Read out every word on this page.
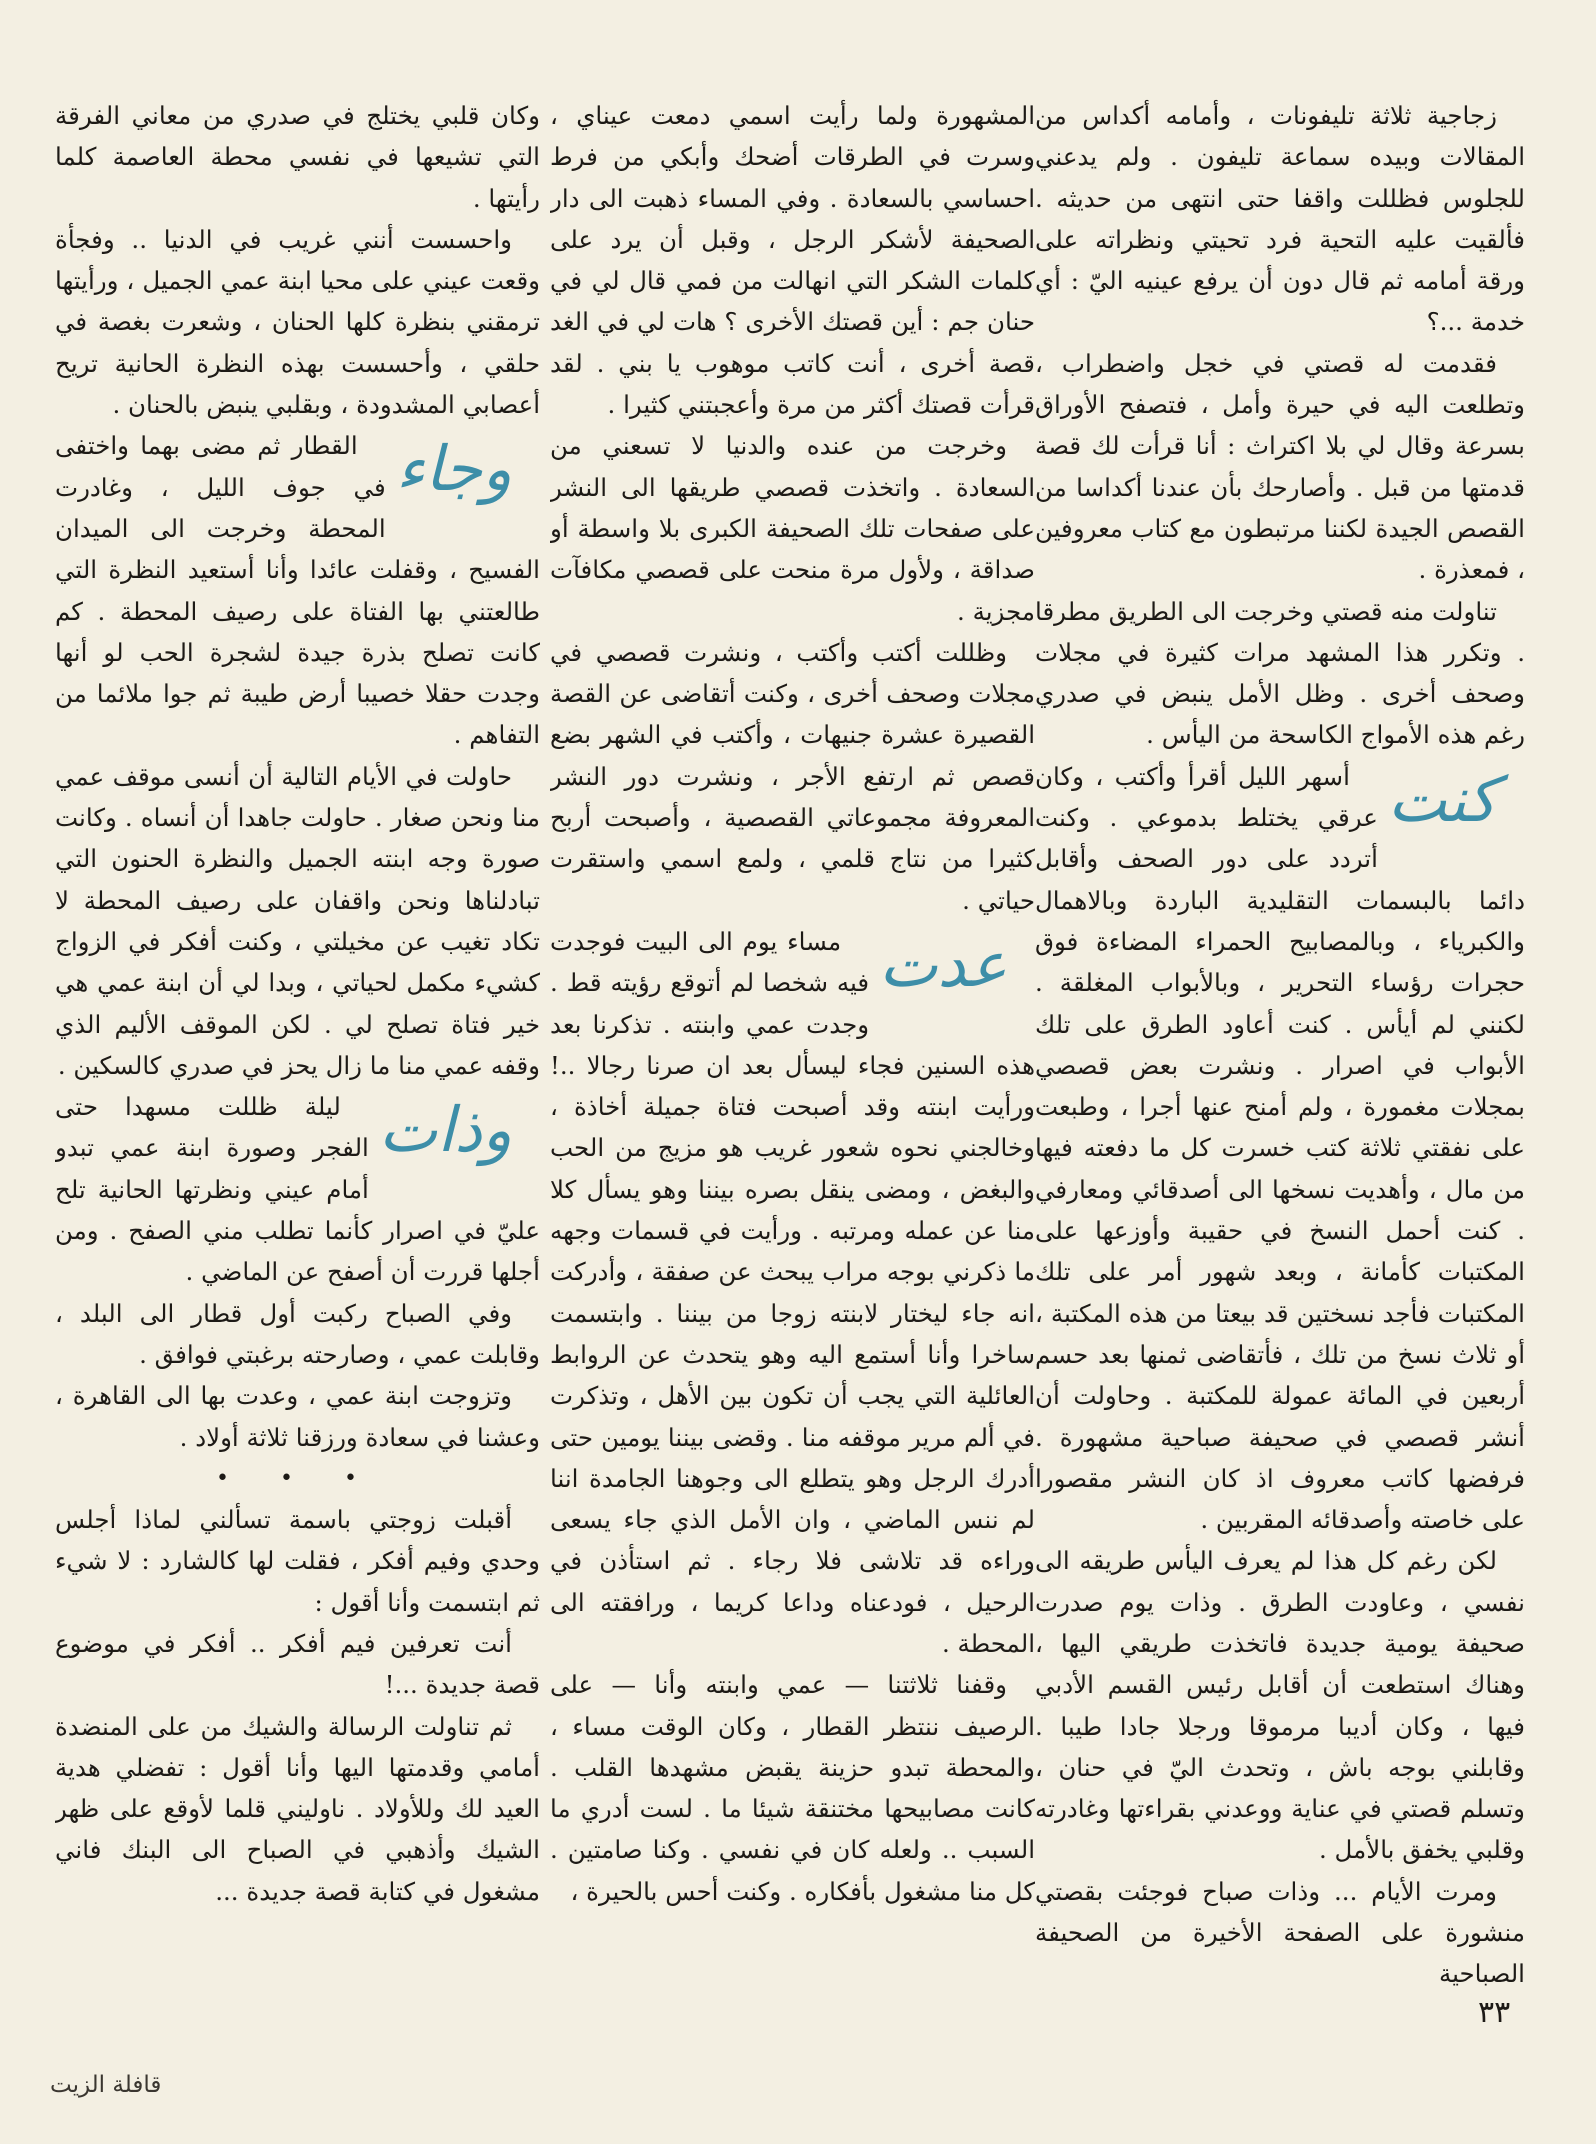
زجاجية ثلاثة تليفونات ، وأمامه أكداس من المقالات وبيده سماعة تليفون . ولم يدعني للجلوس فظللت واقفا حتى انتهى من حديثه . فألقيت عليه التحية فرد تحيتي ونظراته على ورقة أمامه ثم قال دون أن يرفع عينيه اليّ : أي خدمة ...؟

فقدمت له قصتي في خجل واضطراب ، وتطلعت اليه في حيرة وأمل ، فتصفح الأوراق بسرعة وقال لي بلا اكتراث : أنا قرأت لك قصة قدمتها من قبل . وأصارحك بأن عندنا أكداسا من القصص الجيدة لكننا مرتبطون مع كتاب معروفين ، فمعذرة .

تناولت منه قصتي وخرجت الى الطريق مطرقا . وتكرر هذا المشهد مرات كثيرة في مجلات وصحف أخرى . وظل الأمل ينبض في صدري رغم هذه الأمواج الكاسحة من اليأس .

كنت
أسهر الليل أقرأ وأكتب ، وكان عرقي يختلط بدموعي . وكنت أتردد على دور الصحف وأقابل دائما بالبسمات التقليدية الباردة وبالاهمال والكبرياء ، وبالمصابيح الحمراء المضاءة فوق حجرات رؤساء التحرير ، وبالأبواب المغلقة . لكنني لم أيأس . كنت أعاود الطرق على تلك الأبواب في اصرار . ونشرت بعض قصصي بمجلات مغمورة ، ولم أمنح عنها أجرا ، وطبعت على نفقتي ثلاثة كتب خسرت كل ما دفعته فيها من مال ، وأهديت نسخها الى أصدقائي ومعارفي . كنت أحمل النسخ في حقيبة وأوزعها على المكتبات كأمانة ، وبعد شهور أمر على تلك المكتبات فأجد نسختين قد بيعتا من هذه المكتبة ، أو ثلاث نسخ من تلك ، فأتقاضى ثمنها بعد حسم أربعين في المائة عمولة للمكتبة . وحاولت أن أنشر قصصي في صحيفة صباحية مشهورة . فرفضها كاتب معروف اذ كان النشر مقصورا على خاصته وأصدقائه المقربين .

لكن رغم كل هذا لم يعرف اليأس طريقه الى نفسي ، وعاودت الطرق . وذات يوم صدرت صحيفة يومية جديدة فاتخذت طريقي اليها ، وهناك استطعت أن أقابل رئيس القسم الأدبي فيها ، وكان أديبا مرموقا ورجلا جادا طيبا . وقابلني بوجه باش ، وتحدث اليّ في حنان ، وتسلم قصتي في عناية ووعدني بقراءتها وغادرته وقلبي يخفق بالأمل .

ومرت الأيام ... وذات صباح فوجئت بقصتي منشورة على الصفحة الأخيرة من الصحيفة الصباحية

المشهورة ولما رأيت اسمي دمعت عيناي ، وسرت في الطرقات أضحك وأبكي من فرط احساسي بالسعادة . وفي المساء ذهبت الى دار الصحيفة لأشكر الرجل ، وقبل أن يرد على كلمات الشكر التي انهالت من فمي قال لي في حنان جم : أين قصتك الأخرى ؟ هات لي في الغد قصة أخرى ، أنت كاتب موهوب يا بني . لقد قرأت قصتك أكثر من مرة وأعجبتني كثيرا .

وخرجت من عنده والدنيا لا تسعني من السعادة . واتخذت قصصي طريقها الى النشر على صفحات تلك الصحيفة الكبرى بلا واسطة أو صداقة ، ولأول مرة منحت على قصصي مكافآت مجزية .

وظللت أكتب وأكتب ، ونشرت قصصي في مجلات وصحف أخرى ، وكنت أتقاضى عن القصة القصيرة عشرة جنيهات ، وأكتب في الشهر بضع قصص ثم ارتفع الأجر ، ونشرت دور النشر المعروفة مجموعاتي القصصية ، وأصبحت أربح كثيرا من نتاج قلمي ، ولمع اسمي واستقرت حياتي .

عدت
مساء يوم الى البيت فوجدت فيه شخصا لم أتوقع رؤيته قط . وجدت عمي وابنته . تذكرنا بعد هذه السنين فجاء ليسأل بعد ان صرنا رجالا ..! ورأيت ابنته وقد أصبحت فتاة جميلة أخاذة ، وخالجني نحوه شعور غريب هو مزيج من الحب والبغض ، ومضى ينقل بصره بيننا وهو يسأل كلا منا عن عمله ومرتبه . ورأيت في قسمات وجهه ما ذكرني بوجه مراب يبحث عن صفقة ، وأدركت انه جاء ليختار لابنته زوجا من بيننا . وابتسمت ساخرا وأنا أستمع اليه وهو يتحدث عن الروابط العائلية التي يجب أن تكون بين الأهل ، وتذكرت في ألم مرير موقفه منا . وقضى بيننا يومين حتى أدرك الرجل وهو يتطلع الى وجوهنا الجامدة اننا لم ننس الماضي ، وان الأمل الذي جاء يسعى وراءه قد تلاشى فلا رجاء . ثم استأذن في الرحيل ، فودعناه وداعا كريما ، ورافقته الى المحطة .

وقفنا ثلاثتنا — عمي وابنته وأنا — على الرصيف ننتظر القطار ، وكان الوقت مساء ، والمحطة تبدو حزينة يقبض مشهدها القلب . كانت مصابيحها مختنقة شيئا ما . لست أدري ما السبب .. ولعله كان في نفسي . وكنا صامتين . كل منا مشغول بأفكاره . وكنت أحس بالحيرة ،

وكان قلبي يختلج في صدري من معاني الفرقة التي تشيعها في نفسي محطة العاصمة كلما رأيتها .

واحسست أنني غريب في الدنيا .. وفجأة وقعت عيني على محيا ابنة عمي الجميل ، ورأيتها ترمقني بنظرة كلها الحنان ، وشعرت بغصة في حلقي ، وأحسست بهذه النظرة الحانية تريح أعصابي المشدودة ، وبقلبي ينبض بالحنان .

وجاء
القطار ثم مضى بهما واختفى في جوف الليل ، وغادرت المحطة وخرجت الى الميدان الفسيح ، وقفلت عائدا وأنا أستعيد النظرة التي طالعتني بها الفتاة على رصيف المحطة . كم كانت تصلح بذرة جيدة لشجرة الحب لو أنها وجدت حقلا خصيبا أرض طيبة ثم جوا ملائما من التفاهم .

حاولت في الأيام التالية أن أنسى موقف عمي منا ونحن صغار . حاولت جاهدا أن أنساه . وكانت صورة وجه ابنته الجميل والنظرة الحنون التي تبادلناها ونحن واقفان على رصيف المحطة لا تكاد تغيب عن مخيلتي ، وكنت أفكر في الزواج كشيء مكمل لحياتي ، وبدا لي أن ابنة عمي هي خير فتاة تصلح لي . لكن الموقف الأليم الذي وقفه عمي منا ما زال يحز في صدري كالسكين .

وذات
ليلة ظللت مسهدا حتى الفجر وصورة ابنة عمي تبدو أمام عيني ونظرتها الحانية تلح عليّ في اصرار كأنما تطلب مني الصفح . ومن أجلها قررت أن أصفح عن الماضي .

وفي الصباح ركبت أول قطار الى البلد ، وقابلت عمي ، وصارحته برغبتي فوافق .

وتزوجت ابنة عمي ، وعدت بها الى القاهرة ، وعشنا في سعادة ورزقنا ثلاثة أولاد .

• • •

أقبلت زوجتي باسمة تسألني لماذا أجلس وحدي وفيم أفكر ، فقلت لها كالشارد : لا شيء ثم ابتسمت وأنا أقول :

أنت تعرفين فيم أفكر .. أفكر في موضوع قصة جديدة ...!

ثم تناولت الرسالة والشيك من على المنضدة أمامي وقدمتها اليها وأنا أقول : تفضلي هدية العيد لك وللأولاد . ناوليني قلما لأوقع على ظهر الشيك وأذهبي في الصباح الى البنك فاني مشغول في كتابة قصة جديدة ...

٣٣
قافلة الزيت
